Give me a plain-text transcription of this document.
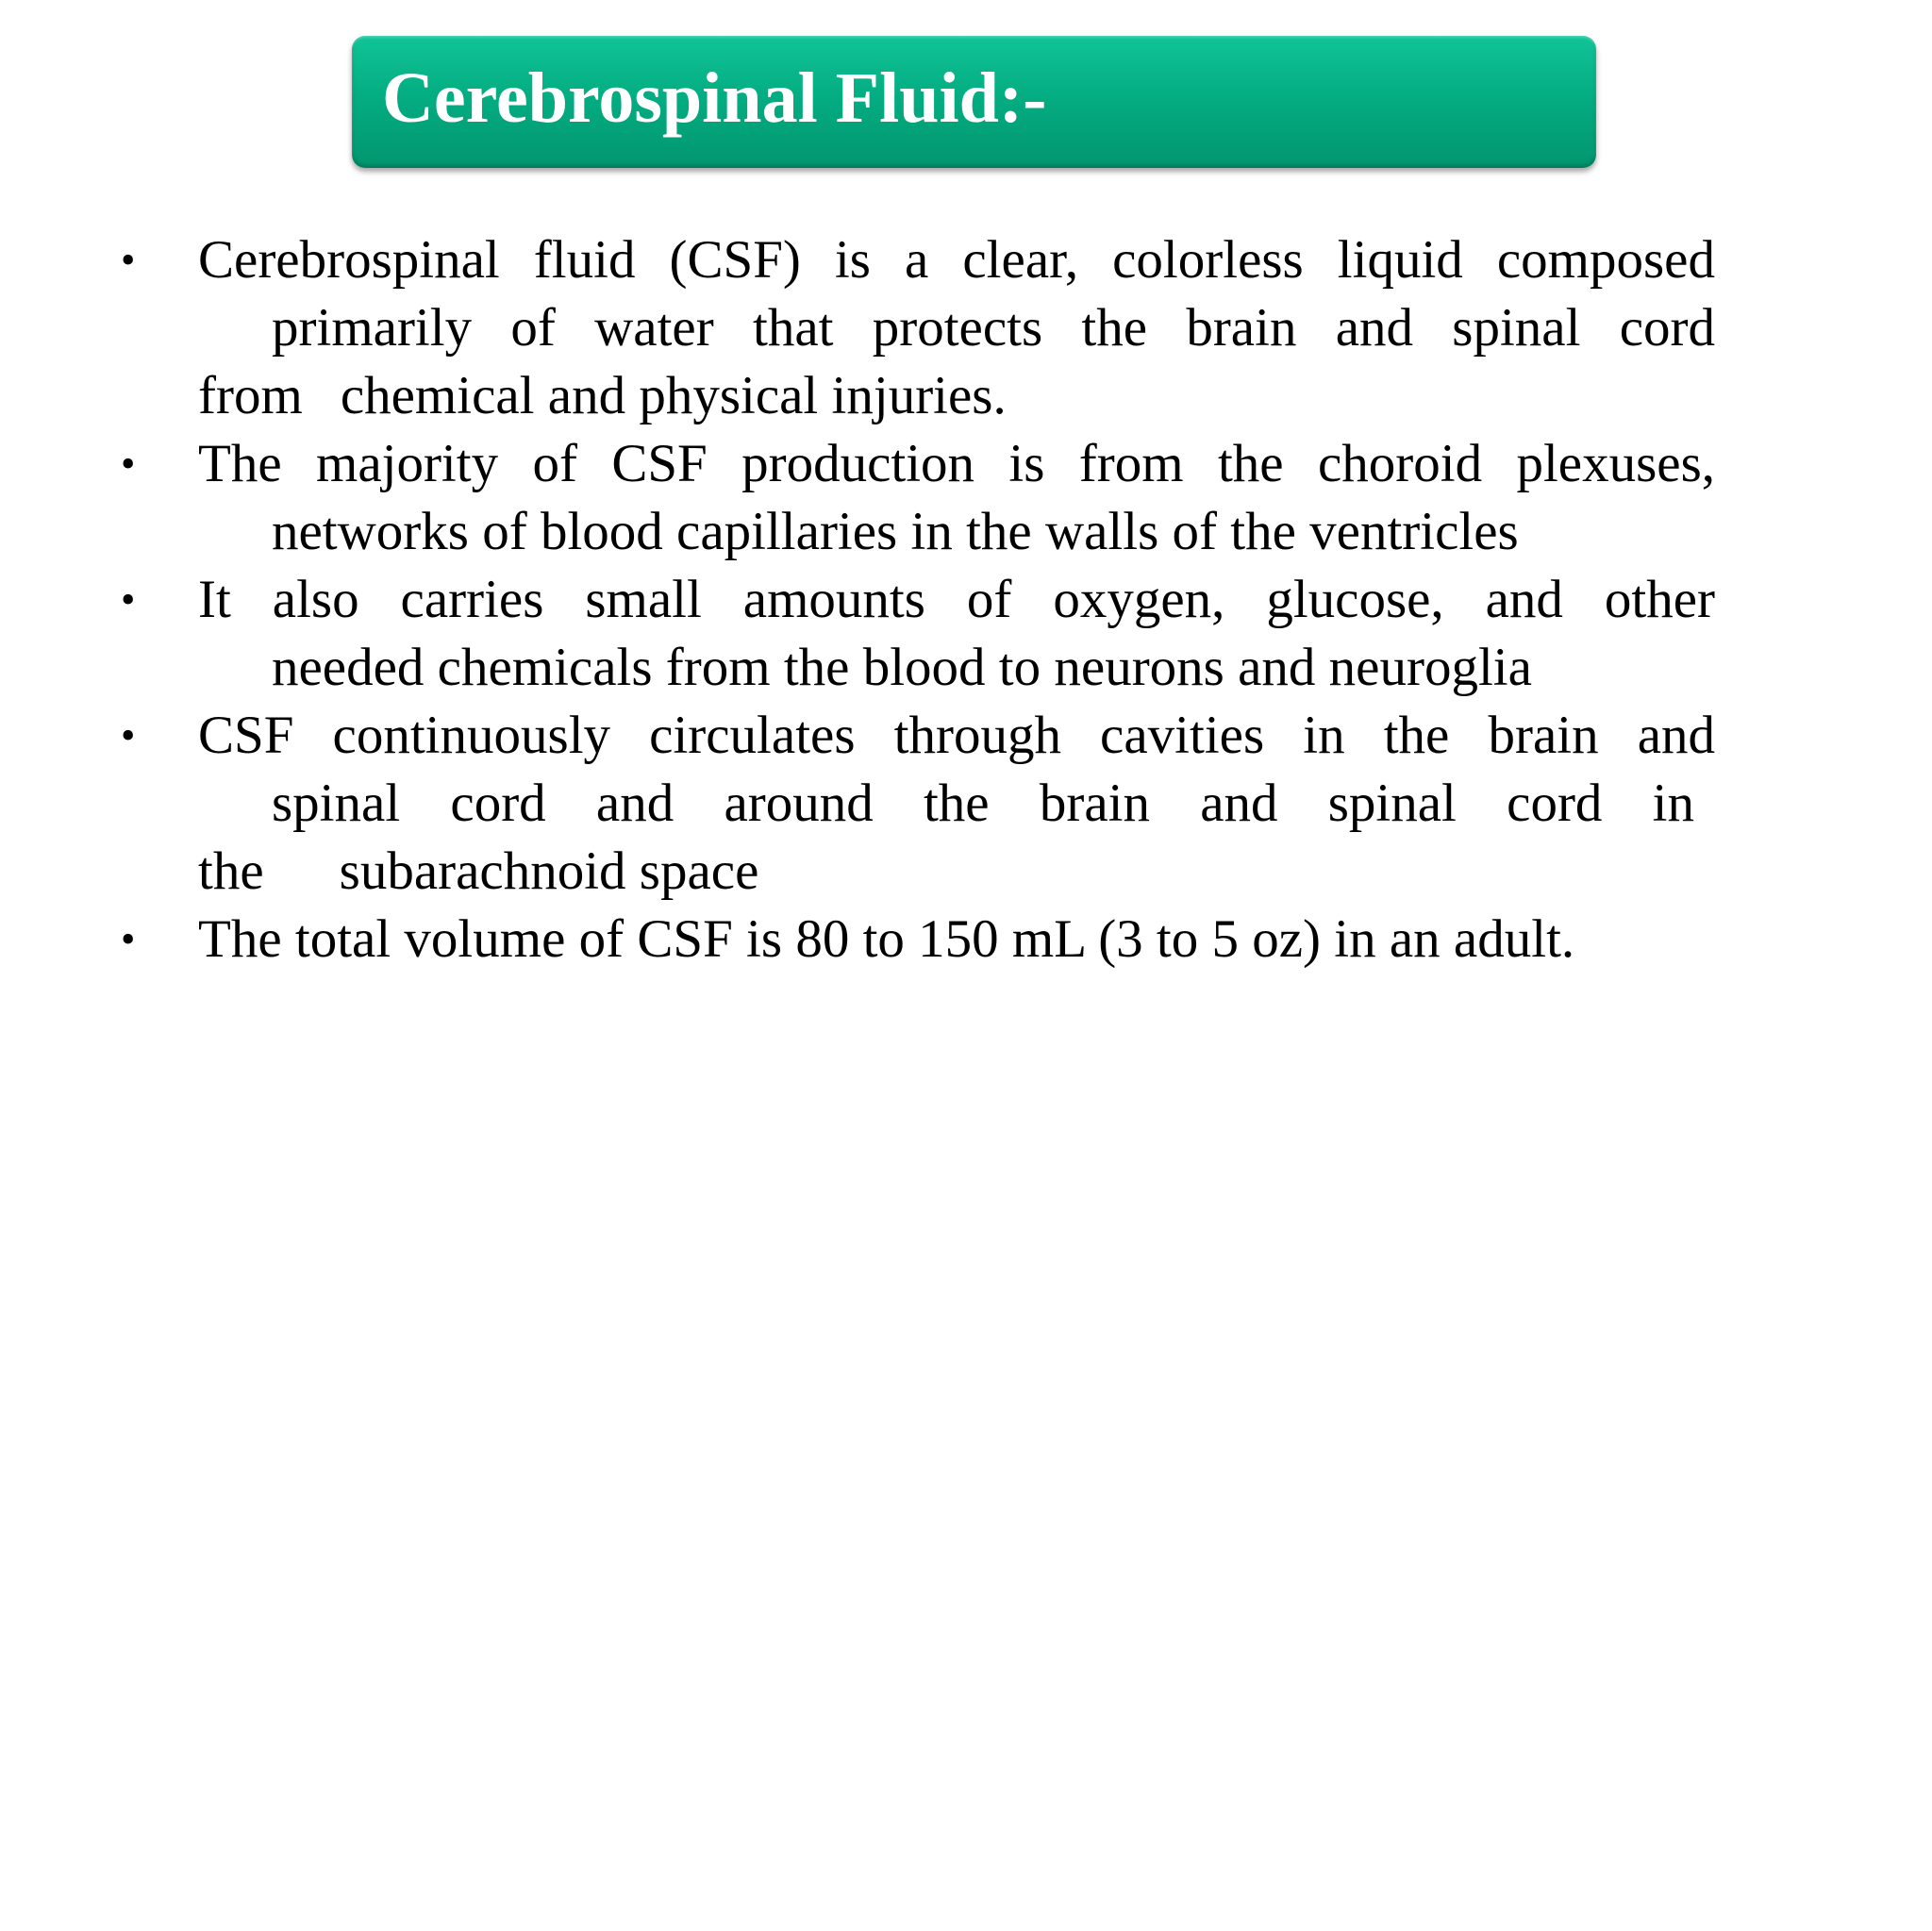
Cerebrospinal Fluid:-
• Cerebrospinal fluid (CSF) is a clear, colorless liquid composed
primarily of water that protects the brain and spinal cord
from chemical and physical injuries.
• The majority of CSF production is from the choroid plexuses,
networks of blood capillaries in the walls of the ventricles
• It also carries small amounts of oxygen, glucose, and other
needed chemicals from the blood to neurons and neuroglia
• CSF continuously circulates through cavities in the brain and
spinal cord and around the brain and spinal cord in
the subarachnoid space
• The total volume of CSF is 80 to 150 mL (3 to 5 oz) in an adult.
